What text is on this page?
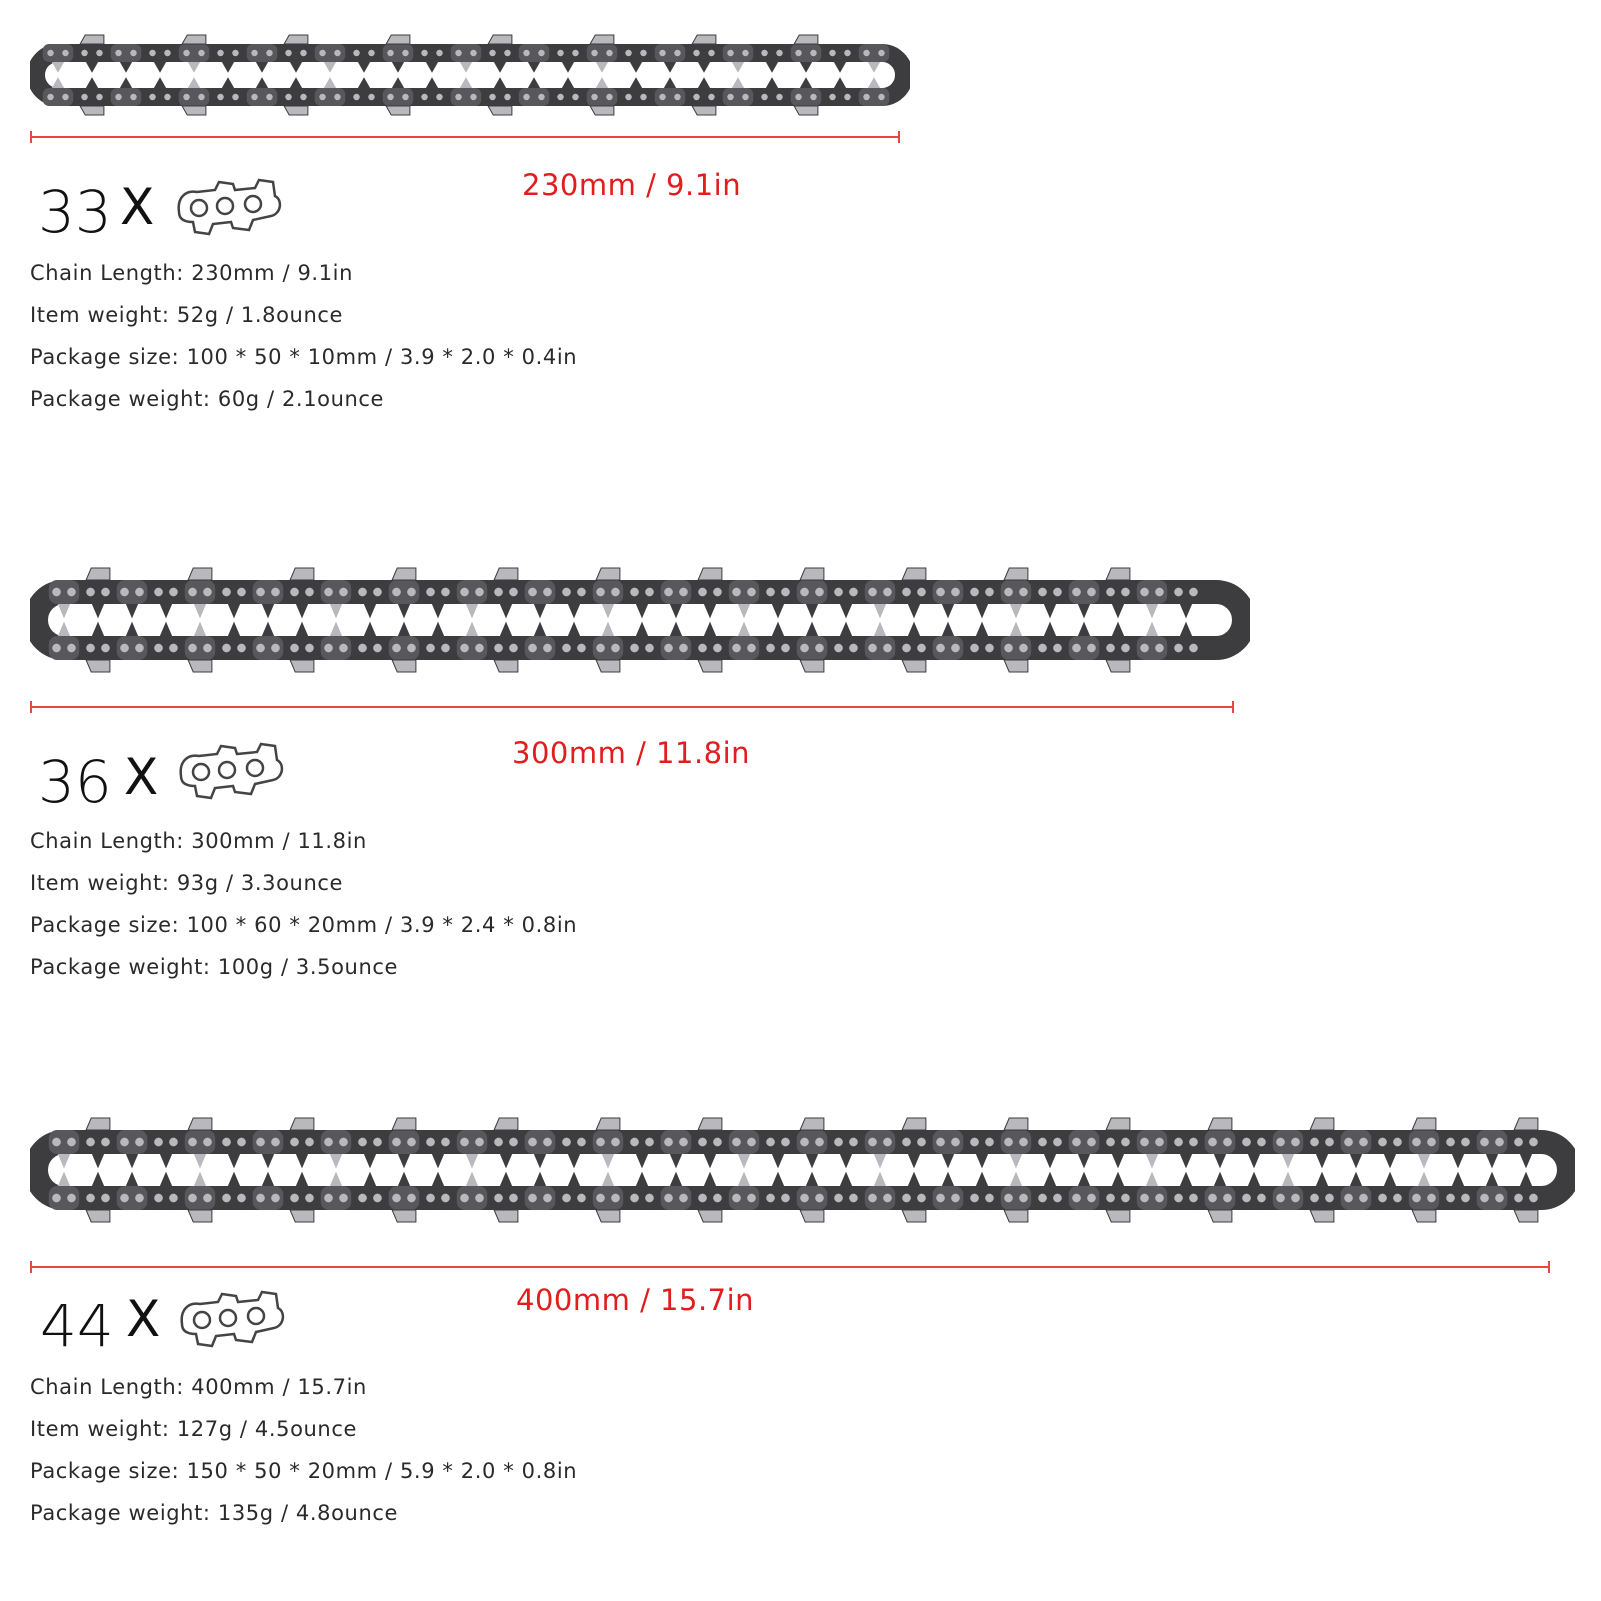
230mm / 9.1in
33 X
Chain Length: 230mm / 9.1in
Item weight: 52g / 1.8ounce
Package size: 100 * 50 * 10mm / 3.9 * 2.0 * 0.4in
Package weight: 60g / 2.1ounce
300mm / 11.8in
36 X
Chain Length: 300mm / 11.8in
Item weight: 93g / 3.3ounce
Package size: 100 * 60 * 20mm / 3.9 * 2.4 * 0.8in
Package weight: 100g / 3.5ounce
400mm / 15.7in
44 X
Chain Length: 400mm / 15.7in
Item weight: 127g / 4.5ounce
Package size: 150 * 50 * 20mm / 5.9 * 2.0 * 0.8in
Package weight: 135g / 4.8ounce
